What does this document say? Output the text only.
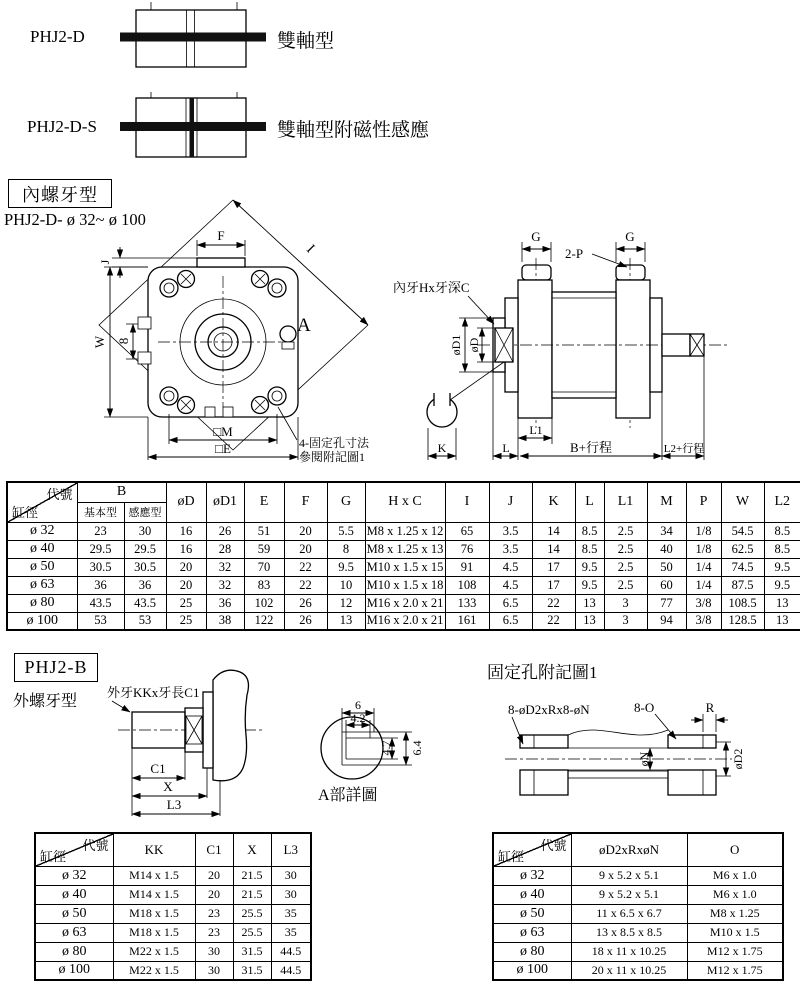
PHJ2-D	雙軸型
PHJ2-D-S	雙軸型附磁性感應
內螺牙型
PHJ2-D- ø 32~ ø 100
I
A
F
J
W 8
□M
□E	4-固定孔寸法
參閱附記圖1
內牙Hx牙深C
G	G
2-P
øD1 øD
L1
K	L	B+行程	L2+行程
代號
缸徑	B		øD	øD1	E	F	G	H x C	I	J	K	L	L1	M	P	W	L2
	基本型	感應型															
ø 32	23	30	16	26	51	20	5.5	M8 x 1.25 x 12	65	3.5	14	8.5	2.5	34	1/8	54.5	8.5
ø 40	29.5	29.5	16	28	59	20	8	M8 x 1.25 x 13	76	3.5	14	8.5	2.5	40	1/8	62.5	8.5
ø 50	30.5	30.5	20	32	70	22	9.5	M10 x 1.5 x 15	91	4.5	17	9.5	2.5	50	1/4	74.5	9.5
ø 63	36	36	20	32	83	22	10	M10 x 1.5 x 18	108	4.5	17	9.5	2.5	60	1/4	87.5	9.5
ø 80	43.5	43.5	25	36	102	26	12	M16 x 2.0 x 21	133	6.5	22	13	3	77	3/8	108.5	13
ø 100	53	53	25	38	122	26	13	M16 x 2.0 x 21	161	6.5	22	13	3	94	3/8	128.5	13
外牙KKx牙長C1
C1
X
L3
6
4.2
4.7 6.4
A部詳圖
固定孔附記圖1
8-øD2xRx8-øN	8-O	R
øN	øD2
PHJ2-B
外螺牙型
代號
缸徑	KK	C1	X	L3
ø 32	M14 x 1.5	20	21.5	30
ø 40	M14 x 1.5	20	21.5	30
ø 50	M18 x 1.5	23	25.5	35
ø 63	M18 x 1.5	23	25.5	35
ø 80	M22 x 1.5	30	31.5	44.5
ø 100	M22 x 1.5	30	31.5	44.5
代號
缸徑	øD2xRxøN	O
ø 32	9 x 5.2 x 5.1	M6 x 1.0
ø 40	9 x 5.2 x 5.1	M6 x 1.0
ø 50	11 x 6.5 x 6.7	M8 x 1.25
ø 63	13 x 8.5 x 8.5	M10 x 1.5
ø 80	18 x 11 x 10.25	M12 x 1.75
ø 100	20 x 11 x 10.25	M12 x 1.75
